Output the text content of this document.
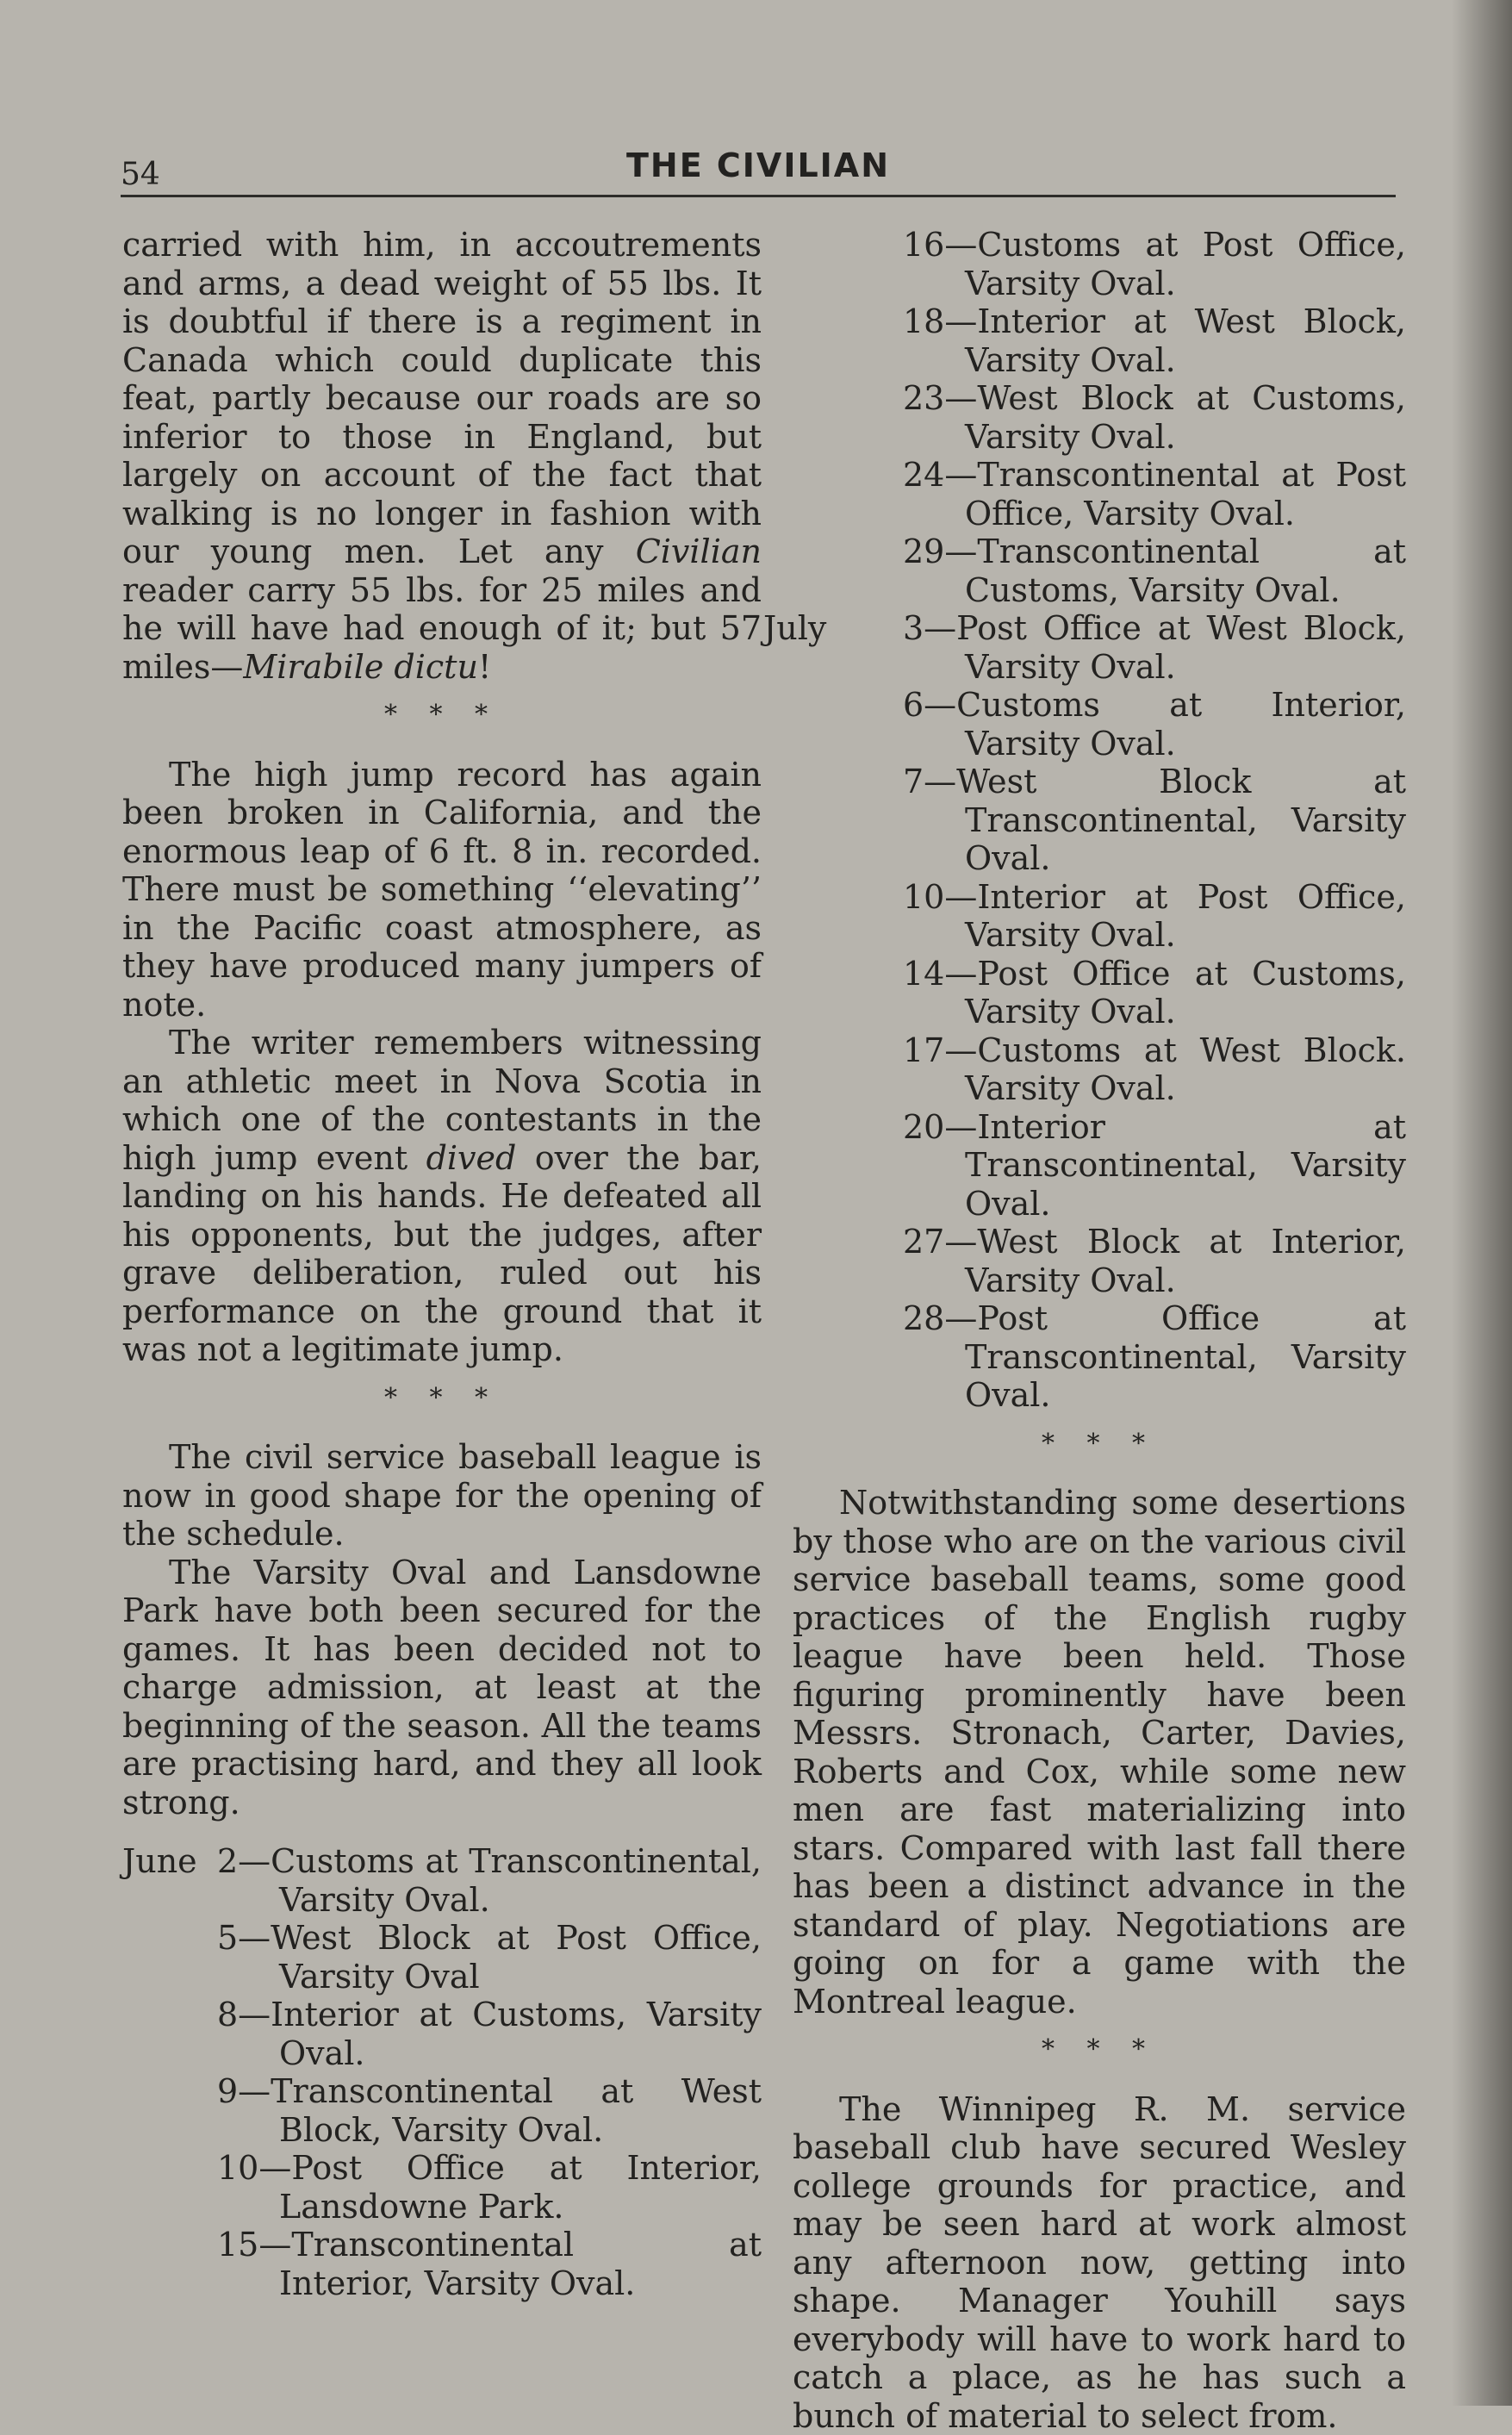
54	THE CIVILIAN

carried with him, in accoutrements and arms, a dead weight of 55 lbs. It is doubtful if there is a regiment in Canada which could duplicate this feat, partly because our roads are so inferior to those in England, but largely on account of the fact that walking is no longer in fashion with our young men. Let any Civilian reader carry 55 lbs. for 25 miles and he will have had enough of it; but 57 miles—Mirabile dictu!

* * *

The high jump record has again been broken in California, and the enormous leap of 6 ft. 8 in. recorded. There must be something ‘‘elevating’’ in the Pacific coast atmosphere, as they have produced many jumpers of note.

The writer remembers witnessing an athletic meet in Nova Scotia in which one of the contestants in the high jump event dived over the bar, landing on his hands. He defeated all his opponents, but the judges, after grave deliberation, ruled out his performance on the ground that it was not a legitimate jump.

* * *

The civil service baseball league is now in good shape for the opening of the schedule.

The Varsity Oval and Lansdowne Park have both been secured for the games. It has been decided not to charge admission, at least at the beginning of the season. All the teams are practising hard, and they all look strong.

June 2—Customs at Transcontinental, Varsity Oval.
5—West Block at Post Office, Varsity Oval
8—Interior at Customs, Varsity Oval.
9—Transcontinental at West Block, Varsity Oval.
10—Post Office at Interior, Lansdowne Park.
15—Transcontinental at Interior, Varsity Oval.
16—Customs at Post Office, Varsity Oval.
18—Interior at West Block, Varsity Oval.
23—West Block at Customs, Varsity Oval.
24—Transcontinental at Post Office, Varsity Oval.
29—Transcontinental at Customs, Varsity Oval.
July	3—Post Office at West Block, Varsity Oval.
6—Customs at Interior, Varsity Oval.
7—West Block at Transcontinental, Varsity Oval.
10—Interior at Post Office, Varsity Oval.
14—Post Office at Customs, Varsity Oval.
17—Customs at West Block. Varsity Oval.
20—Interior at Transcontinental, Varsity Oval.
27—West Block at Interior, Varsity Oval.
28—Post Office at Transcontinental, Varsity Oval.
* * *

Notwithstanding some desertions by those who are on the various civil service baseball teams, some good practices of the English rugby league have been held. Those figuring prominently have been Messrs. Stronach, Carter, Davies, Roberts and Cox, while some new men are fast materializing into stars. Compared with last fall there has been a distinct advance in the standard of play. Negotiations are going on for a game with the Montreal league.

* * *

The Winnipeg R. M. service baseball club have secured Wesley college grounds for practice, and may be seen hard at work almost any afternoon now, getting into shape. Manager Youhill says everybody will have to work hard to catch a place, as he has such a bunch of material to select from.
